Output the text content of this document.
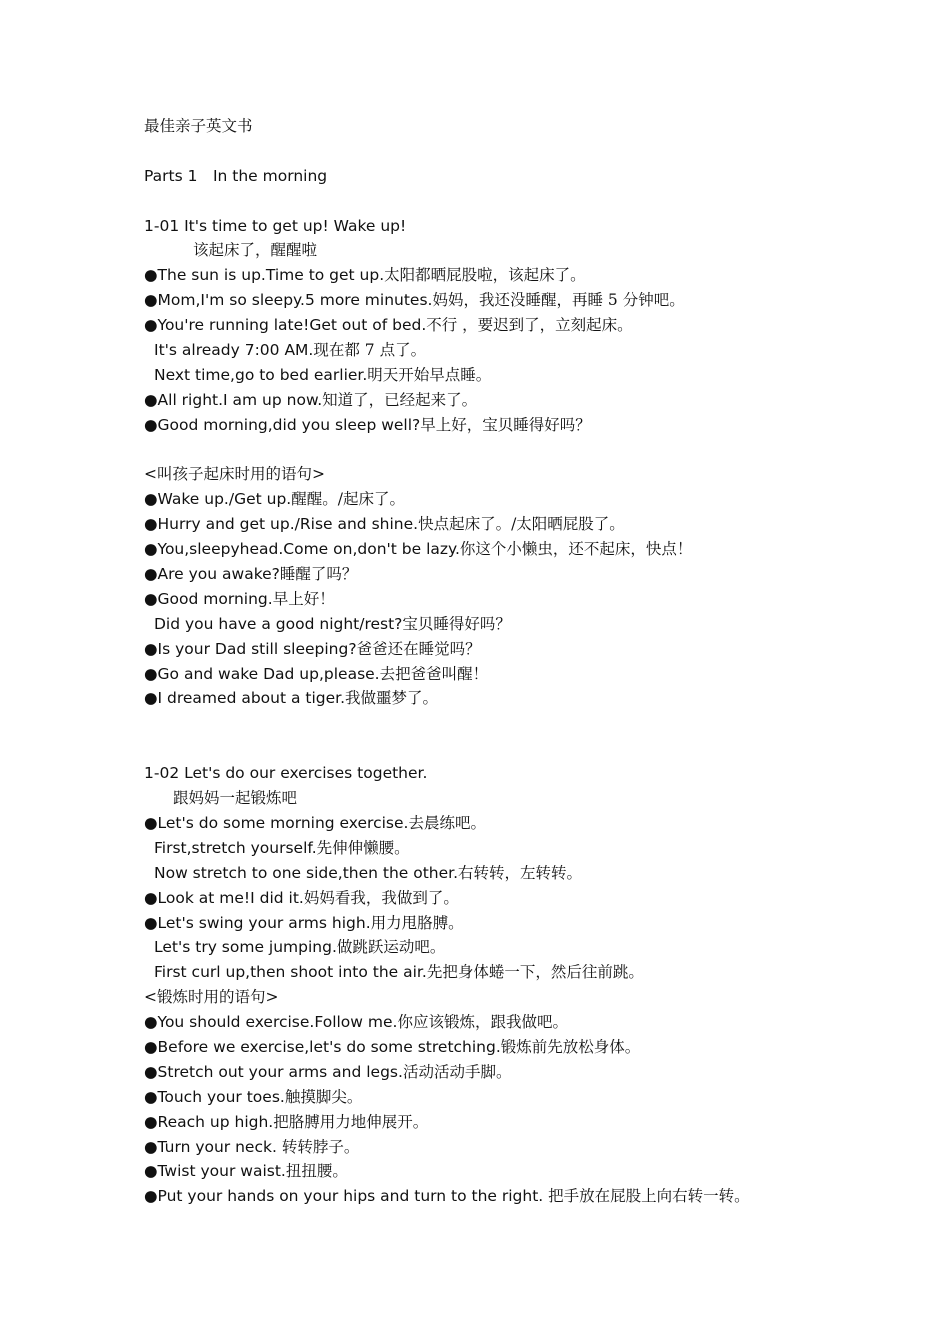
最佳亲子英文书
Parts 1　In the morning
1-01 It's time to get up! Wake up!
该起床了，醒醒啦
●The sun is up.Time to get up.太阳都晒屁股啦，该起床了。
●Mom,I'm so sleepy.5 more minutes.妈妈，我还没睡醒，再睡 5 分钟吧。
●You're running late!Get out of bed.不行 ，要迟到了，立刻起床。
It's already 7:00 AM.现在都 7 点了。
Next time,go to bed earlier.明天开始早点睡。
●All right.I am up now.知道了，已经起来了。
●Good morning,did you sleep well?早上好，宝贝睡得好吗？
<叫孩子起床时用的语句>
●Wake up./Get up.醒醒。/起床了。
●Hurry and get up./Rise and shine.快点起床了。/太阳晒屁股了。
●You,sleepyhead.Come on,don't be lazy.你这个小懒虫，还不起床，快点！
●Are you awake?睡醒了吗？
●Good morning.早上好！
Did you have a good night/rest?宝贝睡得好吗？
●Is your Dad still sleeping?爸爸还在睡觉吗？
●Go and wake Dad up,please.去把爸爸叫醒！
●I dreamed about a tiger.我做噩梦了。
1-02 Let's do our exercises together.
跟妈妈一起锻炼吧
●Let's do some morning exercise.去晨练吧。
First,stretch yourself.先伸伸懒腰。
Now stretch to one side,then the other.右转转，左转转。
●Look at me!I did it.妈妈看我，我做到了。
●Let's swing your arms high.用力甩胳膊。
Let's try some jumping.做跳跃运动吧。
First curl up,then shoot into the air.先把身体蜷一下，然后往前跳。
<锻炼时用的语句>
●You should exercise.Follow me.你应该锻炼，跟我做吧。
●Before we exercise,let's do some stretching.锻炼前先放松身体。
●Stretch out your arms and legs.活动活动手脚。
●Touch your toes.触摸脚尖。
●Reach up high.把胳膊用力地伸展开。
●Turn your neck. 转转脖子。
●Twist your waist.扭扭腰。
●Put your hands on your hips and turn to the right. 把手放在屁股上向右转一转。
